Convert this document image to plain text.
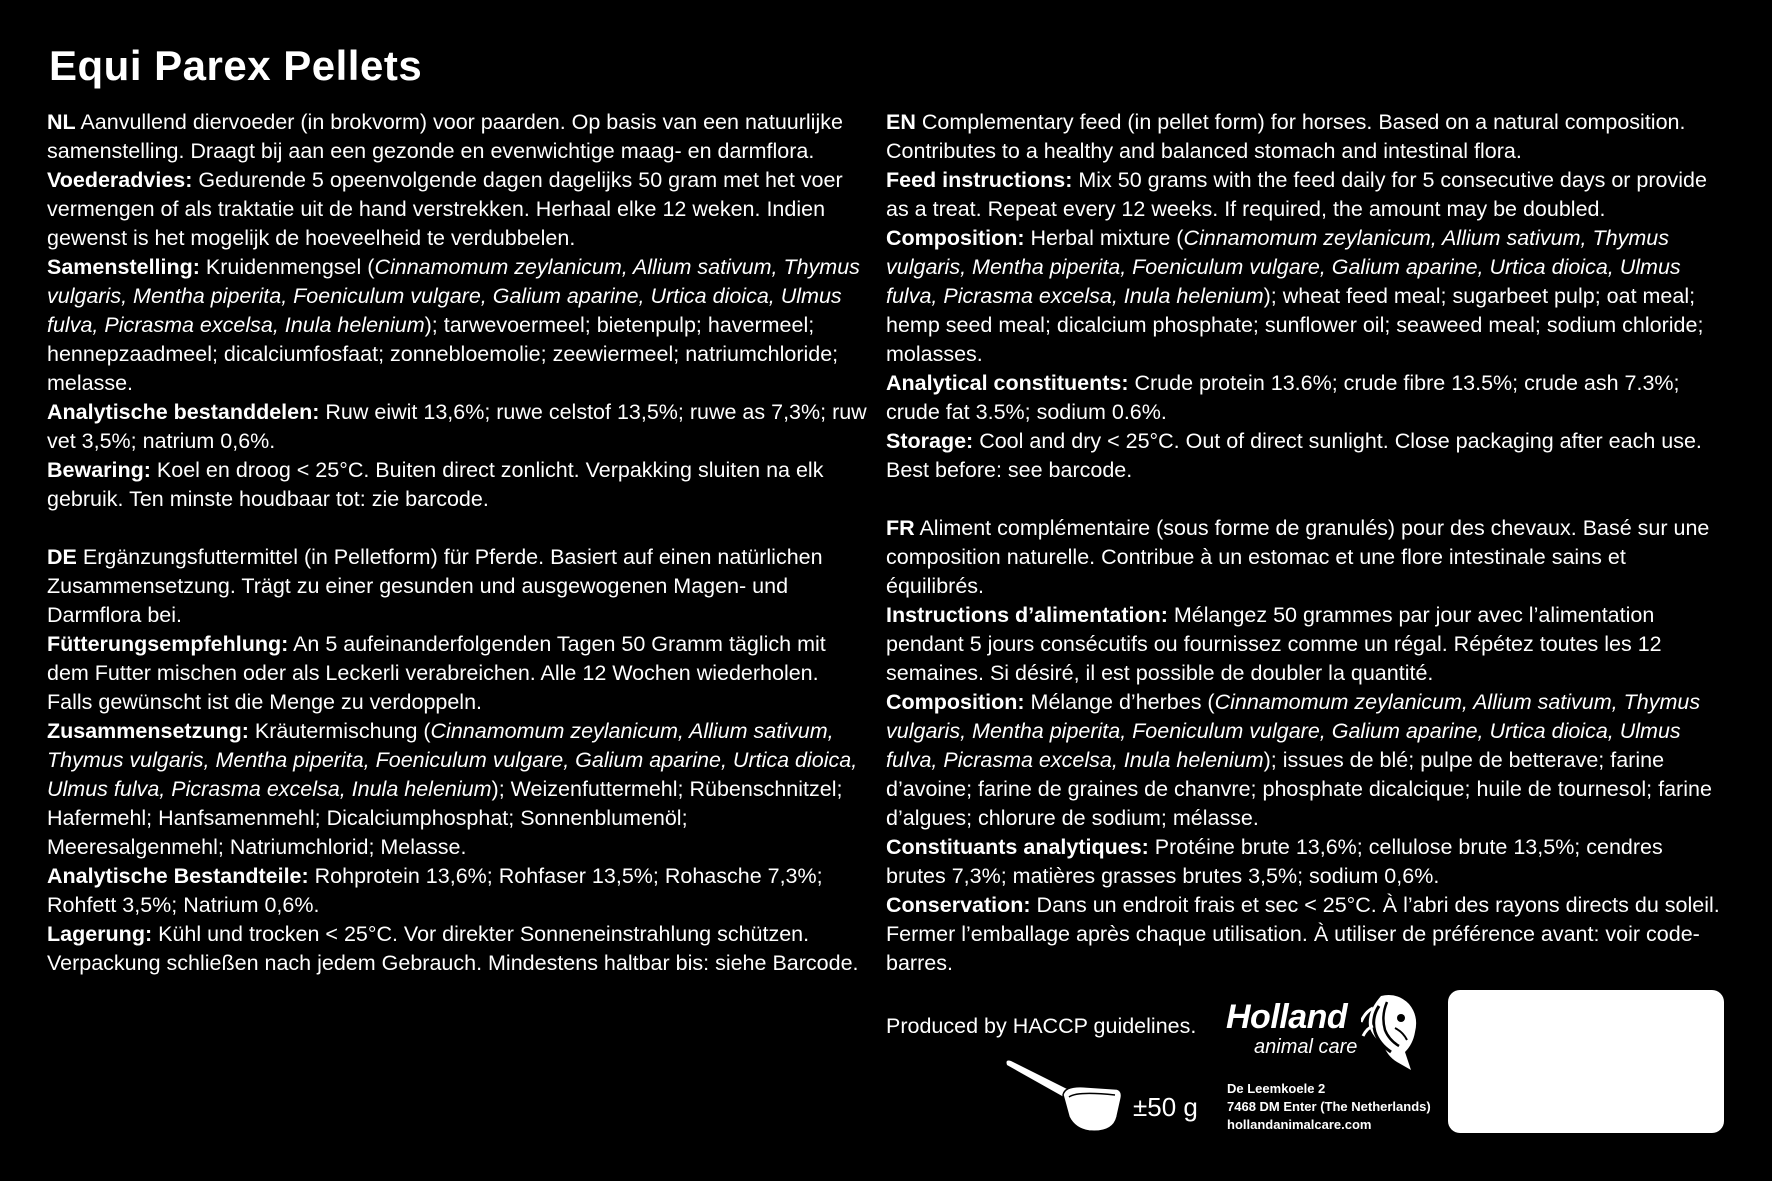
Equi Parex Pellets

NL Aanvullend diervoeder (in brokvorm) voor paarden. Op basis van een natuurlijke samenstelling. Draagt bij aan een gezonde en evenwichtige maag- en darmflora.

Voederadvies: Gedurende 5 opeenvolgende dagen dagelijks 50 gram met het voer vermengen of als traktatie uit de hand verstrekken. Herhaal elke 12 weken. Indien gewenst is het mogelijk de hoeveelheid te verdubbelen.

Samenstelling: Kruidenmengsel (Cinnamomum zeylanicum, Allium sativum, Thymus vulgaris, Mentha piperita, Foeniculum vulgare, Galium aparine, Urtica dioica, Ulmus fulva, Picrasma excelsa, Inula helenium); tarwevoermeel; bietenpulp; havermeel; hennepzaadmeel; dicalciumfosfaat; zonnebloemolie; zeewiermeel; natriumchloride; melasse.

Analytische bestanddelen: Ruw eiwit 13,6%; ruwe celstof 13,5%; ruwe as 7,3%; ruw vet 3,5%; natrium 0,6%.

Bewaring: Koel en droog < 25°C. Buiten direct zonlicht. Verpakking sluiten na elk gebruik. Ten minste houdbaar tot: zie barcode.

DE Ergänzungsfuttermittel (in Pelletform) für Pferde. Basiert auf einen natürlichen Zusammensetzung. Trägt zu einer gesunden und ausgewogenen Magen- und Darmflora bei.

Fütterungsempfehlung: An 5 aufeinanderfolgenden Tagen 50 Gramm täglich mit dem Futter mischen oder als Leckerli verabreichen. Alle 12 Wochen wiederholen. Falls gewünscht ist die Menge zu verdoppeln.

Zusammensetzung: Kräutermischung (Cinnamomum zeylanicum, Allium sativum, Thymus vulgaris, Mentha piperita, Foeniculum vulgare, Galium aparine, Urtica dioica, Ulmus fulva, Picrasma excelsa, Inula helenium); Weizenfuttermehl; Rübenschnitzel; Hafermehl; Hanfsamenmehl; Dicalciumphosphat; Sonnenblumenöl; Meeresalgenmehl; Natriumchlorid; Melasse.

Analytische Bestandteile: Rohprotein 13,6%; Rohfaser 13,5%; Rohasche 7,3%; Rohfett 3,5%; Natrium 0,6%.

Lagerung: Kühl und trocken < 25°C. Vor direkter Sonneneinstrahlung schützen. Verpackung schließen nach jedem Gebrauch. Mindestens haltbar bis: siehe Barcode.

EN Complementary feed (in pellet form) for horses. Based on a natural composition. Contributes to a healthy and balanced stomach and intestinal flora.

Feed instructions: Mix 50 grams with the feed daily for 5 consecutive days or provide as a treat. Repeat every 12 weeks. If required, the amount may be doubled.

Composition: Herbal mixture (Cinnamomum zeylanicum, Allium sativum, Thymus vulgaris, Mentha piperita, Foeniculum vulgare, Galium aparine, Urtica dioica, Ulmus fulva, Picrasma excelsa, Inula helenium); wheat feed meal; sugarbeet pulp; oat meal; hemp seed meal; dicalcium phosphate; sunflower oil; seaweed meal; sodium chloride; molasses.

Analytical constituents: Crude protein 13.6%; crude fibre 13.5%; crude ash 7.3%; crude fat 3.5%; sodium 0.6%.

Storage: Cool and dry < 25°C. Out of direct sunlight. Close packaging after each use. Best before: see barcode.

FR Aliment complémentaire (sous forme de granulés) pour des chevaux. Basé sur une composition naturelle. Contribue à un estomac et une flore intestinale sains et équilibrés.

Instructions d’alimentation: Mélangez 50 grammes par jour avec l’alimentation pendant 5 jours consécutifs ou fournissez comme un régal. Répétez toutes les 12 semaines. Si désiré, il est possible de doubler la quantité.

Composition: Mélange d’herbes (Cinnamomum zeylanicum, Allium sativum, Thymus vulgaris, Mentha piperita, Foeniculum vulgare, Galium aparine, Urtica dioica, Ulmus fulva, Picrasma excelsa, Inula helenium); issues de blé; pulpe de betterave; farine d’avoine; farine de graines de chanvre; phosphate dicalcique; huile de tournesol; farine d’algues; chlorure de sodium; mélasse.

Constituants analytiques: Protéine brute 13,6%; cellulose brute 13,5%; cendres brutes 7,3%; matières grasses brutes 3,5%; sodium 0,6%.

Conservation: Dans un endroit frais et sec < 25°C. À l’abri des rayons directs du soleil. Fermer l’emballage après chaque utilisation. À utiliser de préférence avant: voir code-barres.

Produced by HACCP guidelines.
±50 g
Holland
animal care
De Leemkoele 2
7468 DM Enter (The Netherlands)
hollandanimalcare.com
